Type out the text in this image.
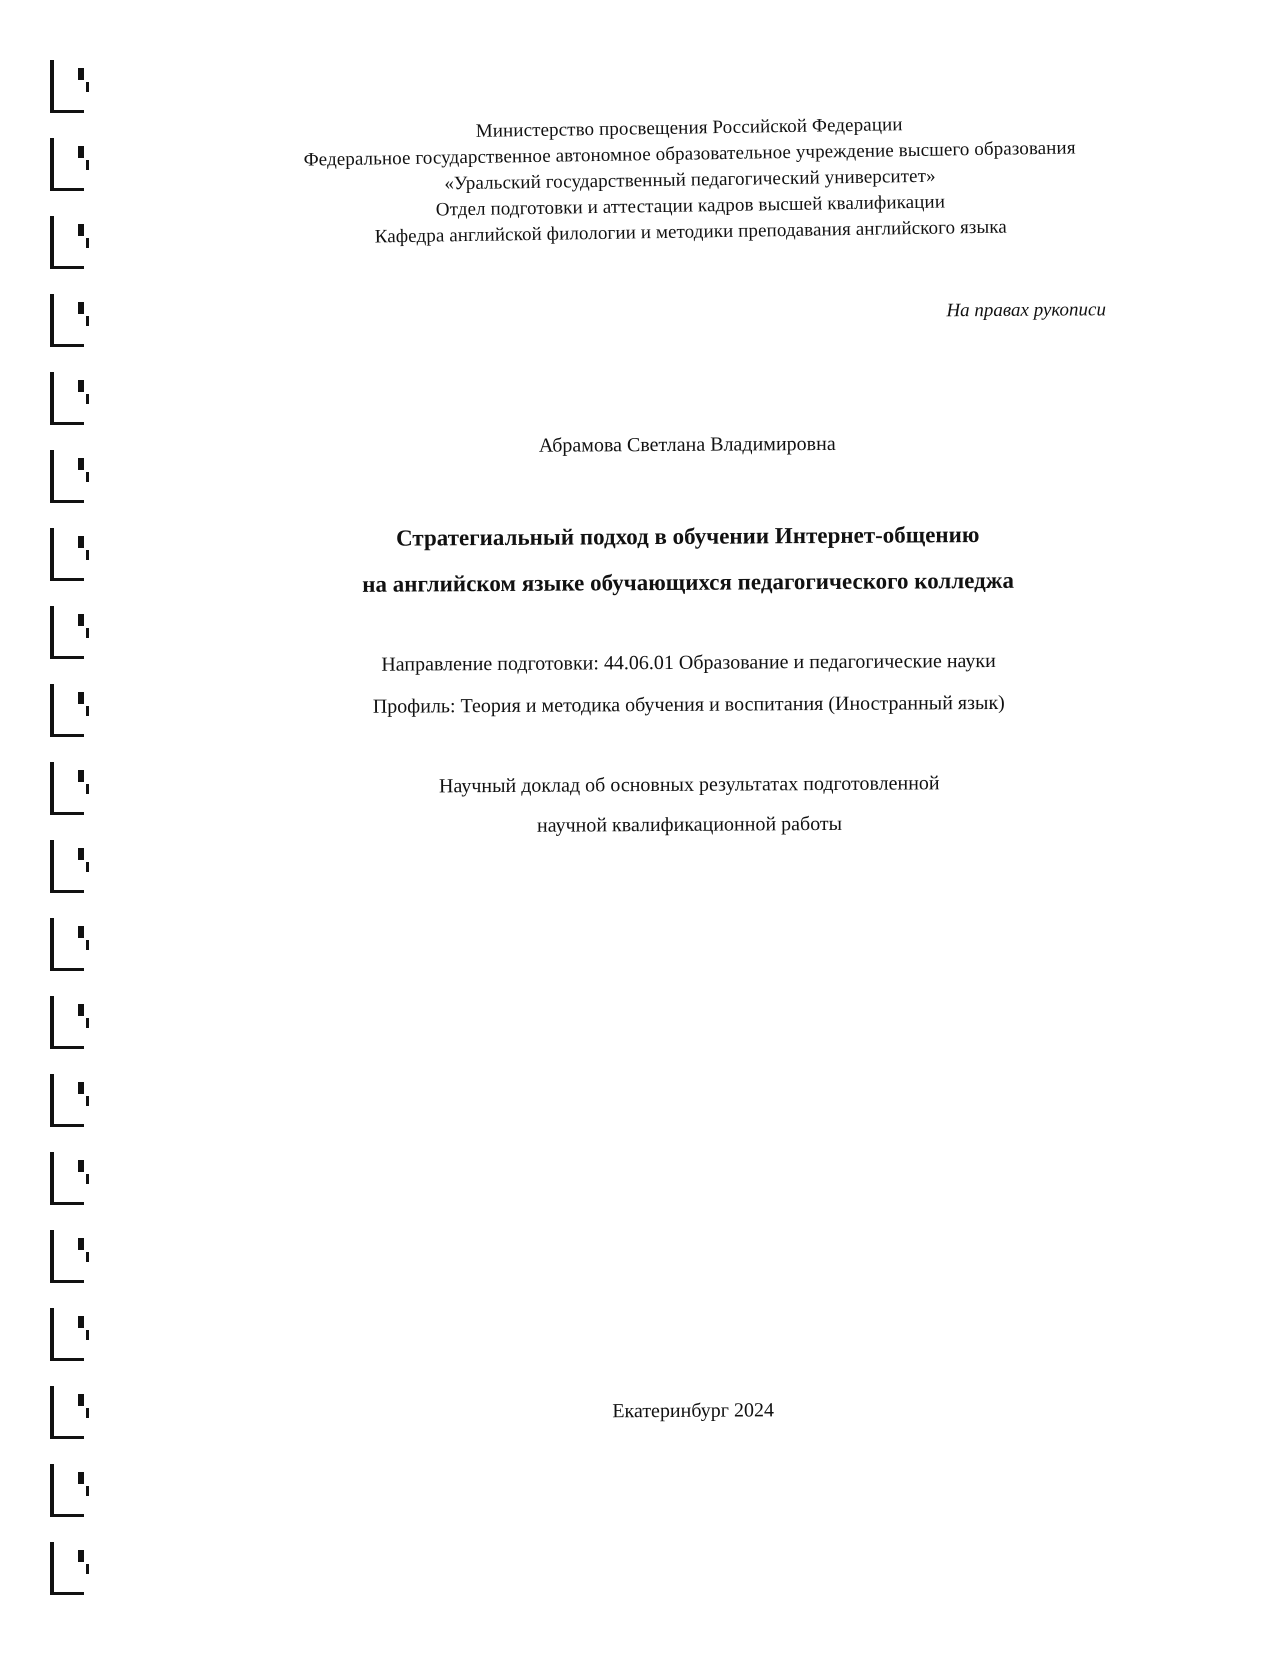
Министерство просвещения Российской Федерации
Федеральное государственное автономное образовательное учреждение высшего образования
«Уральский государственный педагогический университет»
Отдел подготовки и аттестации кадров высшей квалификации
Кафедра английской филологии и методики преподавания английского языка
На правах рукописи
Абрамова Светлана Владимировна
Стратегиальный подход в обучении Интернет-общению
на английском языке обучающихся педагогического колледжа
Направление подготовки: 44.06.01 Образование и педагогические науки
Профиль: Теория и методика обучения и воспитания (Иностранный язык)
Научный доклад об основных результатах подготовленной
научной квалификационной работы
Екатеринбург 2024
